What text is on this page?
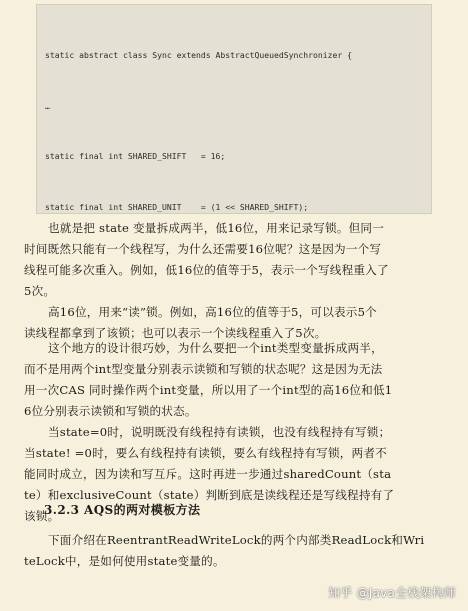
static abstract class Sync extends AbstractQueuedSynchronizer {

…

static final int SHARED_SHIFT   = 16;

static final int SHARED_UNIT    = (1 << SHARED_SHIFT);

也就是把 state 变量拆成两半，低16位，用来记录写锁。但同一
时间既然只能有一个线程写，为什么还需要16位呢？这是因为一个写
线程可能多次重入。例如，低16位的值等于5，表示一个写线程重入了
5次。
高16位，用来“读”锁。例如，高16位的值等于5，可以表示5个
读线程都拿到了该锁；也可以表示一个读线程重入了5次。
这个地方的设计很巧妙，为什么要把一个int类型变量拆成两半，
而不是用两个int型变量分别表示读锁和写锁的状态呢？这是因为无法
用一次CAS 同时操作两个int变量，所以用了一个int型的高16位和低1
6位分别表示读锁和写锁的状态。
当state=0时，说明既没有线程持有读锁，也没有线程持有写锁；
当state! =0时，要么有线程持有读锁，要么有线程持有写锁，两者不
能同时成立，因为读和写互斥。这时再进一步通过sharedCount（sta
te）和exclusiveCount（state）判断到底是读线程还是写线程持有了
该锁。
3.2.3 AQS的两对模板方法
下面介绍在ReentrantReadWriteLock的两个内部类ReadLock和Wri
teLock中，是如何使用state变量的。
知乎 @Java全栈架构师
